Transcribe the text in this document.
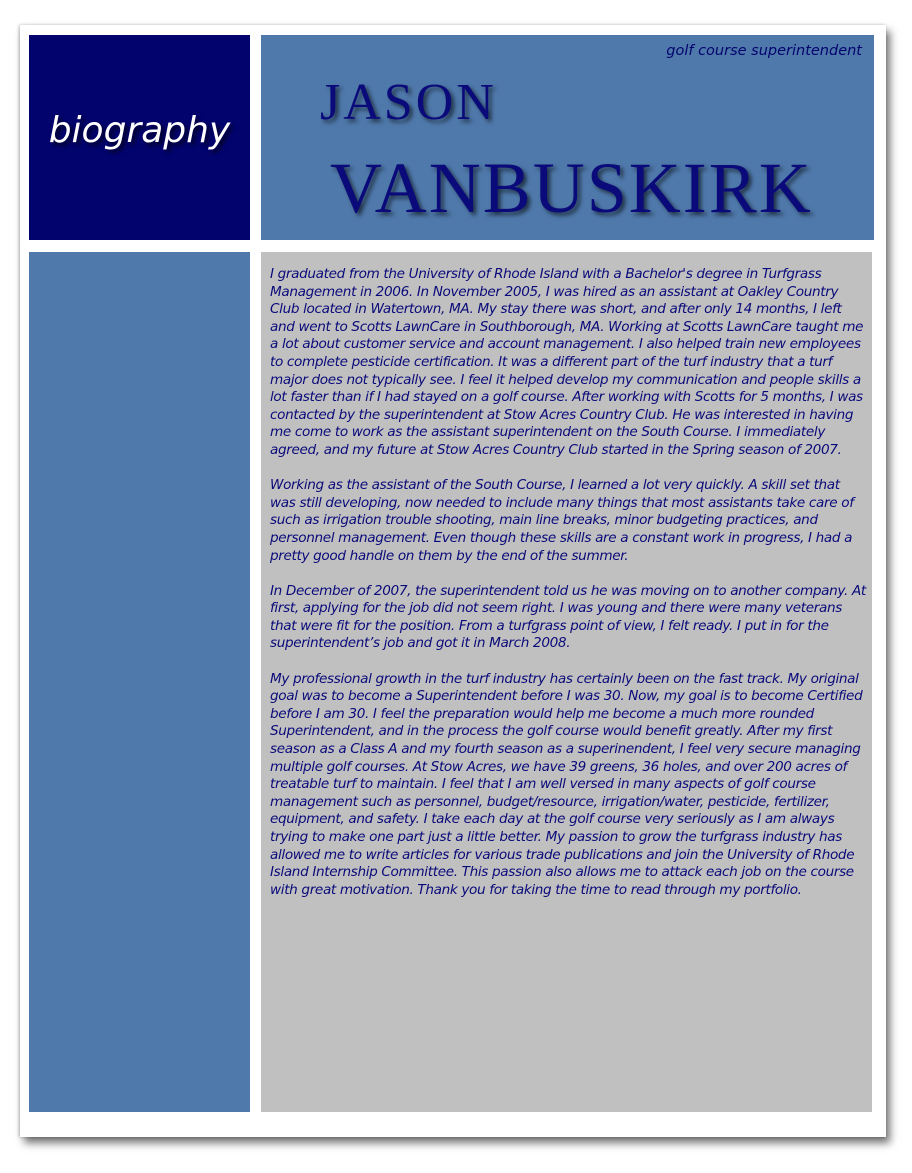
biography
golf course superintendent
JASON
VANBUSKIRK

I graduated from the University of Rhode Island with a Bachelor's degree in Turfgrass Management in 2006. In November 2005, I was hired as an assistant at Oakley Country Club located in Watertown, MA. My stay there was short, and after only 14 months, I left and went to Scotts LawnCare in Southborough, MA. Working at Scotts LawnCare taught me a lot about customer service and account management. I also helped train new employees to complete pesticide certification. It was a different part of the turf industry that a turf major does not typically see. I feel it helped develop my communication and people skills a lot faster than if I had stayed on a golf course. After working with Scotts for 5 months, I was contacted by the superintendent at Stow Acres Country Club. He was interested in having me come to work as the assistant superintendent on the South Course. I immediately agreed, and my future at Stow Acres Country Club started in the Spring season of 2007.

Working as the assistant of the South Course, I learned a lot very quickly. A skill set that was still developing, now needed to include many things that most assistants take care of such as irrigation trouble shooting, main line breaks, minor budgeting practices, and personnel management. Even though these skills are a constant work in progress, I had a pretty good handle on them by the end of the summer.

In December of 2007, the superintendent told us he was moving on to another company. At first, applying for the job did not seem right. I was young and there were many veterans that were fit for the position. From a turfgrass point of view, I felt ready. I put in for the superintendent’s job and got it in March 2008.

My professional growth in the turf industry has certainly been on the fast track. My original goal was to become a Superintendent before I was 30. Now, my goal is to become Certified before I am 30. I feel the preparation would help me become a much more rounded Superintendent, and in the process the golf course would benefit greatly. After my first season as a Class A and my fourth season as a superinendent, I feel very secure managing multiple golf courses. At Stow Acres, we have 39 greens, 36 holes, and over 200 acres of treatable turf to maintain. I feel that I am well versed in many aspects of golf course management such as personnel, budget/resource, irrigation/water, pesticide, fertilizer, equipment, and safety. I take each day at the golf course very seriously as I am always trying to make one part just a little better. My passion to grow the turfgrass industry has allowed me to write articles for various trade publications and join the University of Rhode Island Internship Committee. This passion also allows me to attack each job on the course with great motivation. Thank you for taking the time to read through my portfolio.
